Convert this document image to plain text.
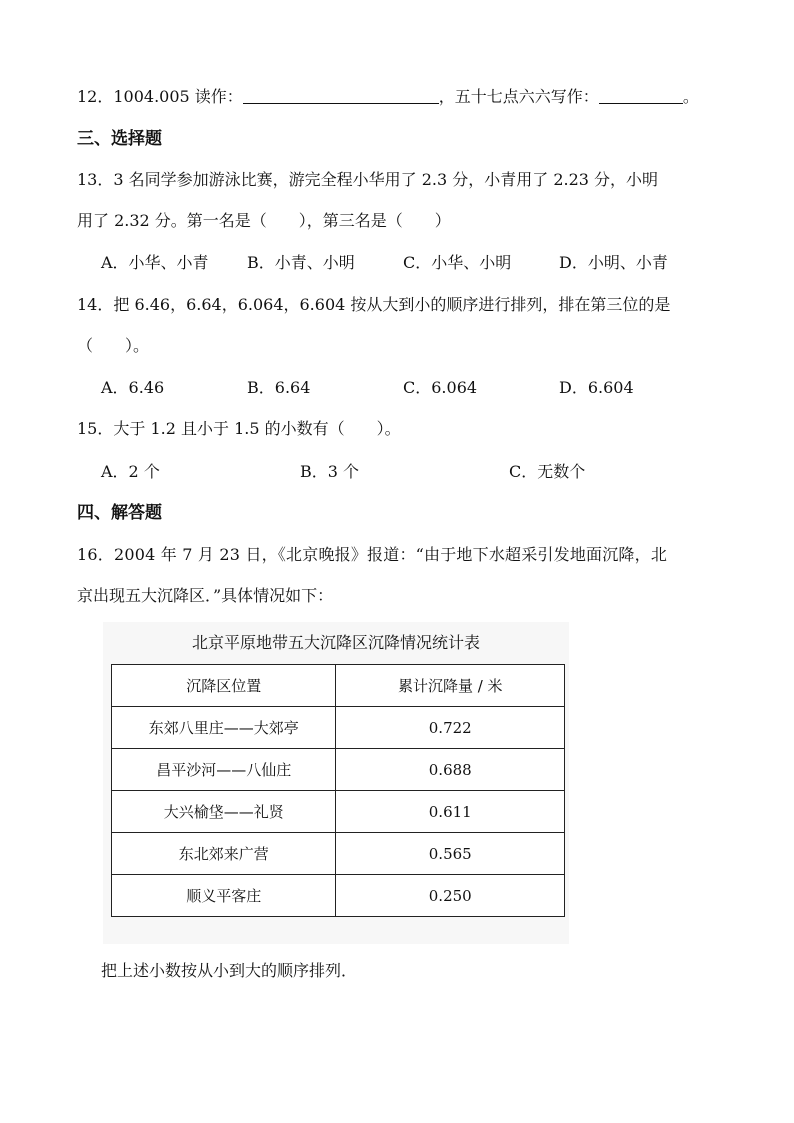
12．1004.005 读作：	，五十七点六六写作：	。
三、选择题
13．3 名同学参加游泳比赛，游完全程小华用了 2.3 分，小青用了 2.23 分，小明
用了 2.32 分。第一名是（　　），第三名是（　　）
A．小华、小青 B．小青、小明	C．小华、小明	D．小明、小青
14．把 6.46，6.64，6.064，6.604 按从大到小的顺序进行排列，排在第三位的是
（　　）。
A．6.46	B．6.64	C．6.064	D．6.604
15．大于 1.2 且小于 1.5 的小数有（　　）。
A．2 个	B．3 个	C．无数个
四、解答题
16．2004 年 7 月 23 日，《北京晚报》报道：“由于地下水超采引发地面沉降，北
京出现五大沉降区．”具体情况如下：
北京平原地带五大沉降区沉降情况统计表
沉降区位置	累计沉降量 / 米
东郊八里庄——大郊亭	0.722
昌平沙河——八仙庄	0.688
大兴榆垡——礼贤	0.611
东北郊来广营	0.565
顺义平客庄	0.250
把上述小数按从小到大的顺序排列．
